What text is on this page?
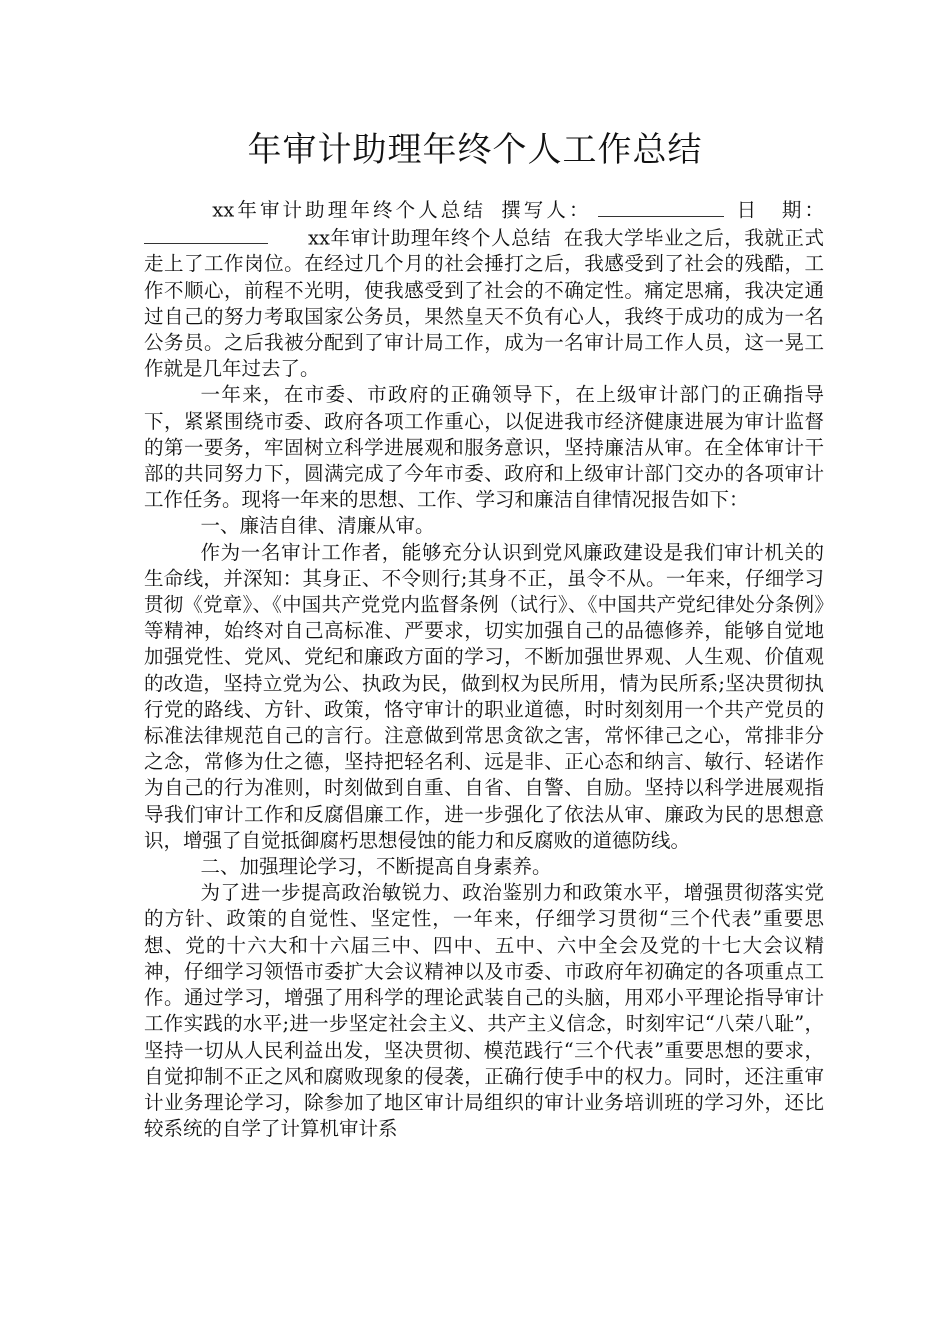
年审计助理年终个人工作总结

xx年审计助理年终个人总结 撰写人：	日　期：xx年审计助理年终个人总结 在我大学毕业之后，我就正式走上了工作岗位。在经过几个月的社会捶打之后，我感受到了社会的残酷，工作不顺心，前程不光明，使我感受到了社会的不确定性。痛定思痛，我决定通过自己的努力考取国家公务员，果然皇天不负有心人，我终于成功的成为一名公务员。之后我被分配到了审计局工作，成为一名审计局工作人员，这一晃工作就是几年过去了。

一年来，在市委、市政府的正确领导下，在上级审计部门的正确指导下，紧紧围绕市委、政府各项工作重心，以促进我市经济健康进展为审计监督的第一要务，牢固树立科学进展观和服务意识，坚持廉洁从审。在全体审计干部的共同努力下，圆满完成了今年市委、政府和上级审计部门交办的各项审计工作任务。现将一年来的思想、工作、学习和廉洁自律情况报告如下：

一、廉洁自律、清廉从审。

作为一名审计工作者，能够充分认识到党风廉政建设是我们审计机关的生命线，并深知：其身正、不令则行;其身不正，虽令不从。一年来，仔细学习贯彻《党章》、《中国共产党党内监督条例（试行》、《中国共产党纪律处分条例》等精神，始终对自己高标准、严要求，切实加强自己的品德修养，能够自觉地加强党性、党风、党纪和廉政方面的学习，不断加强世界观、人生观、价值观的改造，坚持立党为公、执政为民，做到权为民所用，情为民所系;坚决贯彻执行党的路线、方针、政策，恪守审计的职业道德，时时刻刻用一个共产党员的标准法律规范自己的言行。注意做到常思贪欲之害，常怀律己之心，常排非分之念，常修为仕之德，坚持把轻名利、远是非、正心态和纳言、敏行、轻诺作为自己的行为准则，时刻做到自重、自省、自警、自励。坚持以科学进展观指导我们审计工作和反腐倡廉工作，进一步强化了依法从审、廉政为民的思想意识，增强了自觉抵御腐朽思想侵蚀的能力和反腐败的道德防线。

二、加强理论学习，不断提高自身素养。

为了进一步提高政治敏锐力、政治鉴别力和政策水平，增强贯彻落实党的方针、政策的自觉性、坚定性，一年来，仔细学习贯彻“三个代表”重要思想、党的十六大和十六届三中、四中、五中、六中全会及党的十七大会议精神，仔细学习领悟市委扩大会议精神以及市委、市政府年初确定的各项重点工作。通过学习，增强了用科学的理论武装自己的头脑，用邓小平理论指导审计工作实践的水平;进一步坚定社会主义、共产主义信念，时刻牢记“八荣八耻”，坚持一切从人民利益出发，坚决贯彻、模范践行“三个代表”重要思想的要求，自觉抑制不正之风和腐败现象的侵袭，正确行使手中的权力。同时，还注重审计业务理论学习，除参加了地区审计局组织的审计业务培训班的学习外，还比较系统的自学了计算机审计系
